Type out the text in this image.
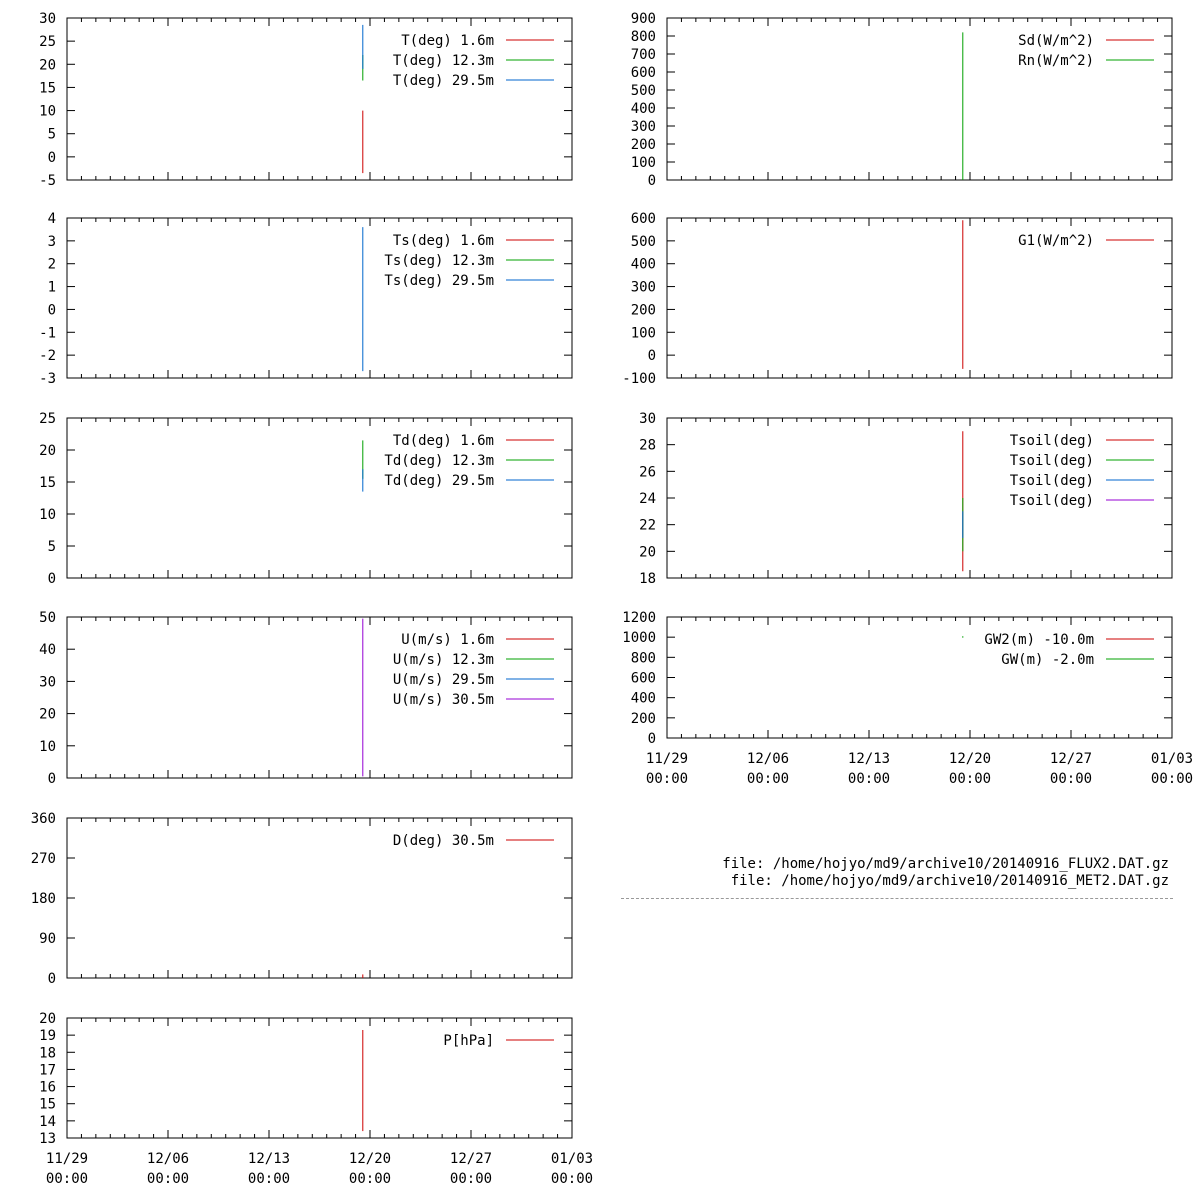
30
25
20
15
10
5
0
-5
T(deg) 1.6m
T(deg) 12.3m
T(deg) 29.5m
4
3
2
1
0
-1
-2
-3
Ts(deg) 1.6m
Ts(deg) 12.3m
Ts(deg) 29.5m
25
20
15
10
5
0
Td(deg) 1.6m
Td(deg) 12.3m
Td(deg) 29.5m
50
40
30
20
10
0
U(m/s) 1.6m
U(m/s) 12.3m
U(m/s) 29.5m
U(m/s) 30.5m
360
270
180
90
0
D(deg) 30.5m
20
19
18
17
16
15
14
13
11/29
00:00
12/06
00:00
12/13
00:00
12/20
00:00
12/27
00:00
01/03
00:00
P[hPa]
900
800
700
600
500
400
300
200
100
0
Sd(W/m^2)
Rn(W/m^2)
600
500
400
300
200
100
0
-100
G1(W/m^2)
30
28
26
24
22
20
18
Tsoil(deg)
Tsoil(deg)
Tsoil(deg)
Tsoil(deg)
1200
1000
800
600
400
200
0
11/29
00:00
12/06
00:00
12/13
00:00
12/20
00:00
12/27
00:00
01/03
00:00
GW2(m) -10.0m
GW(m) -2.0m
file: /home/hojyo/md9/archive10/20140916_FLUX2.DAT.gz
file: /home/hojyo/md9/archive10/20140916_MET2.DAT.gz
